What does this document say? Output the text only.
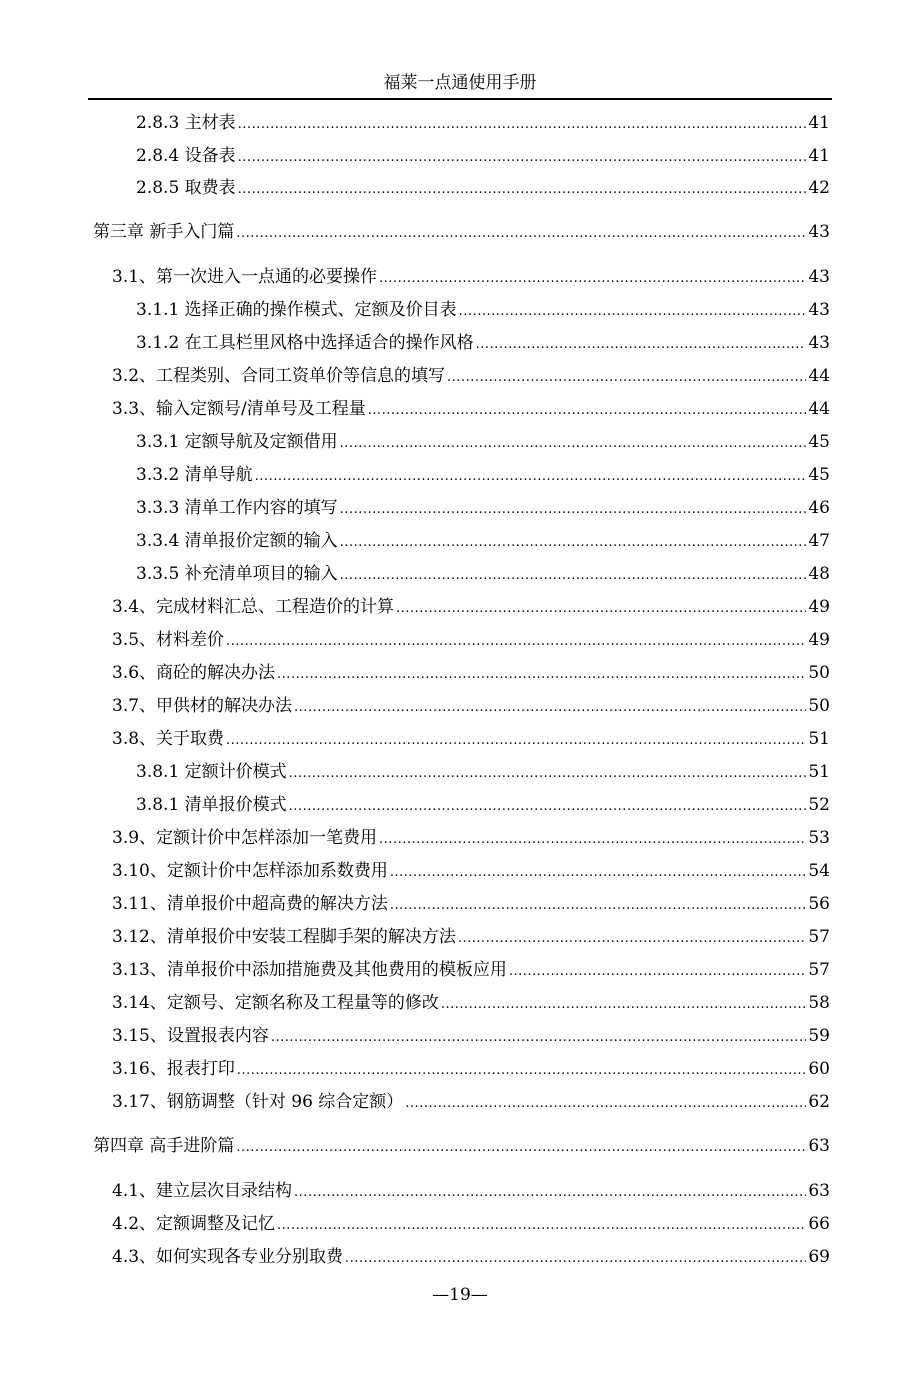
福莱一点通使用手册
2.8.3 主材表 .....	41
2.8.4 设备表 .....	41
2.8.5 取费表 .....	42
第三章 新手入门篇 .....	43
3.1、第一次进入一点通的必要操作 .....	43
3.1.1 选择正确的操作模式、定额及价目表 .....	43
3.1.2 在工具栏里风格中选择适合的操作风格 .....	43
3.2、工程类别、合同工资单价等信息的填写 .....	44
3.3、输入定额号/清单号及工程量 .....	44
3.3.1 定额导航及定额借用 .....	45
3.3.2 清单导航 .....	45
3.3.3 清单工作内容的填写 .....	46
3.3.4 清单报价定额的输入 .....	47
3.3.5 补充清单项目的输入 .....	48
3.4、完成材料汇总、工程造价的计算 .....	49
3.5、材料差价 .....	49
3.6、商砼的解决办法 .....	50
3.7、甲供材的解决办法 .....	50
3.8、关于取费 .....	51
3.8.1 定额计价模式 .....	51
3.8.1 清单报价模式 .....	52
3.9、定额计价中怎样添加一笔费用 .....	53
3.10、定额计价中怎样添加系数费用 .....	54
3.11、清单报价中超高费的解决方法 .....	56
3.12、清单报价中安装工程脚手架的解决方法 .....	57
3.13、清单报价中添加措施费及其他费用的模板应用 .....	57
3.14、定额号、定额名称及工程量等的修改 .....	58
3.15、设置报表内容 .....	59
3.16、报表打印 .....	60
3.17、钢筋调整（针对 96 综合定额） .....	62
第四章 高手进阶篇 .....	63
4.1、建立层次目录结构 .....	63
4.2、定额调整及记忆 .....	66
4.3、如何实现各专业分别取费 .....	69
—19—
